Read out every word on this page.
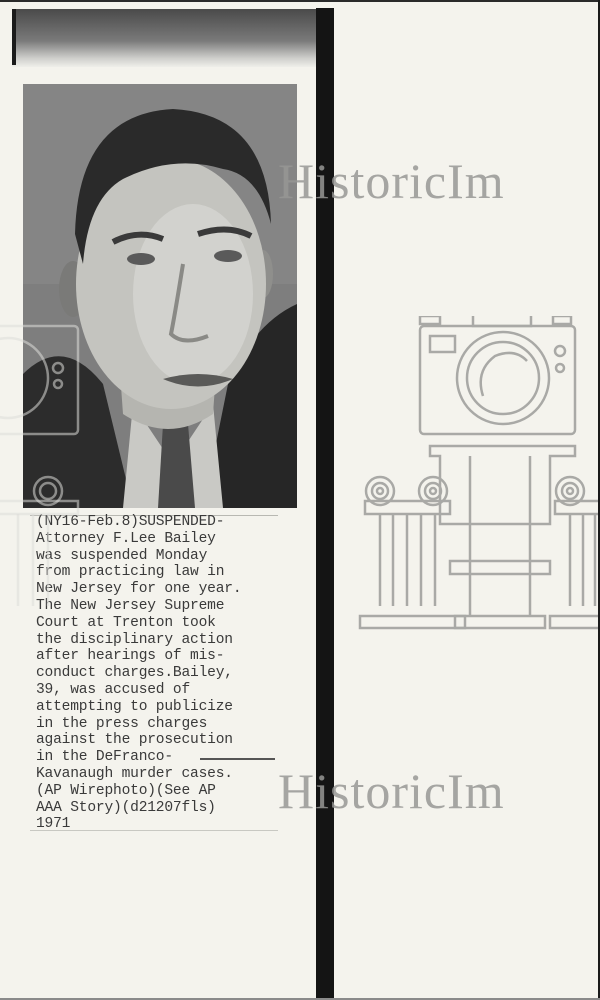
(NY16-Feb.8)SUSPENDED-
Attorney F.Lee Bailey
was suspended Monday
from practicing law in
New Jersey for one year.
The New Jersey Supreme
Court at Trenton took
the disciplinary action
after hearings of mis-
conduct charges.Bailey,
39, was accused of
attempting to publicize
in the press charges
against the prosecution
in the DeFranco-
Kavanaugh murder cases.
(AP Wirephoto)(See AP
AAA Story)(d21207fls)
1971
HistoricIm
HistoricIm
